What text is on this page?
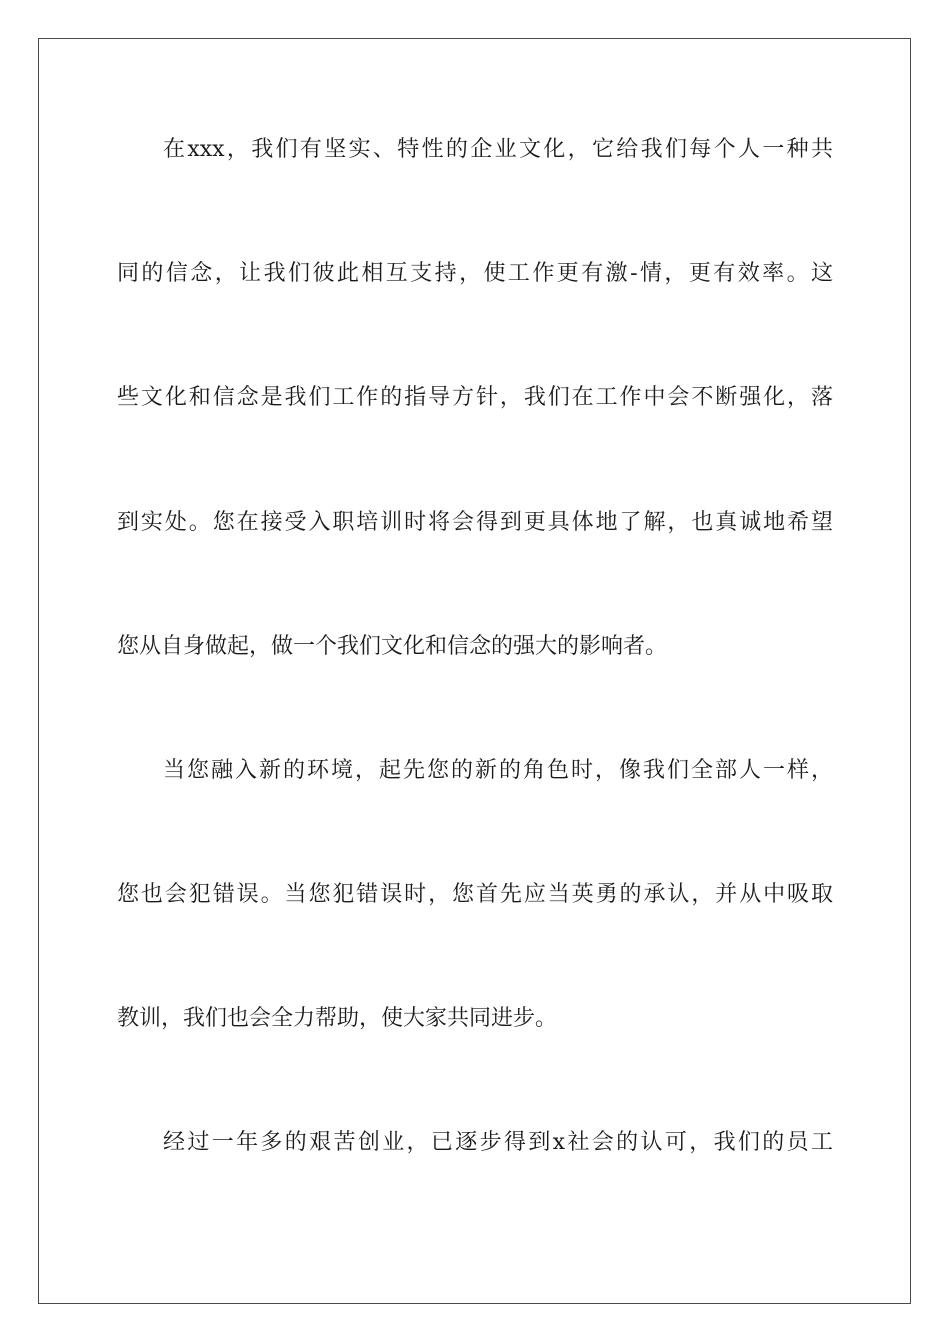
在xxx，我们有坚实、特性的企业文化，它给我们每个人一种共
同的信念，让我们彼此相互支持，使工作更有激-情，更有效率。这
些文化和信念是我们工作的指导方针，我们在工作中会不断强化，落
到实处。您在接受入职培训时将会得到更具体地了解，也真诚地希望
您从自身做起，做一个我们文化和信念的强大的影响者。
当您融入新的环境，起先您的新的角色时，像我们全部人一样，
您也会犯错误。当您犯错误时，您首先应当英勇的承认，并从中吸取
教训，我们也会全力帮助，使大家共同进步。
经过一年多的艰苦创业，已逐步得到x社会的认可，我们的员工
